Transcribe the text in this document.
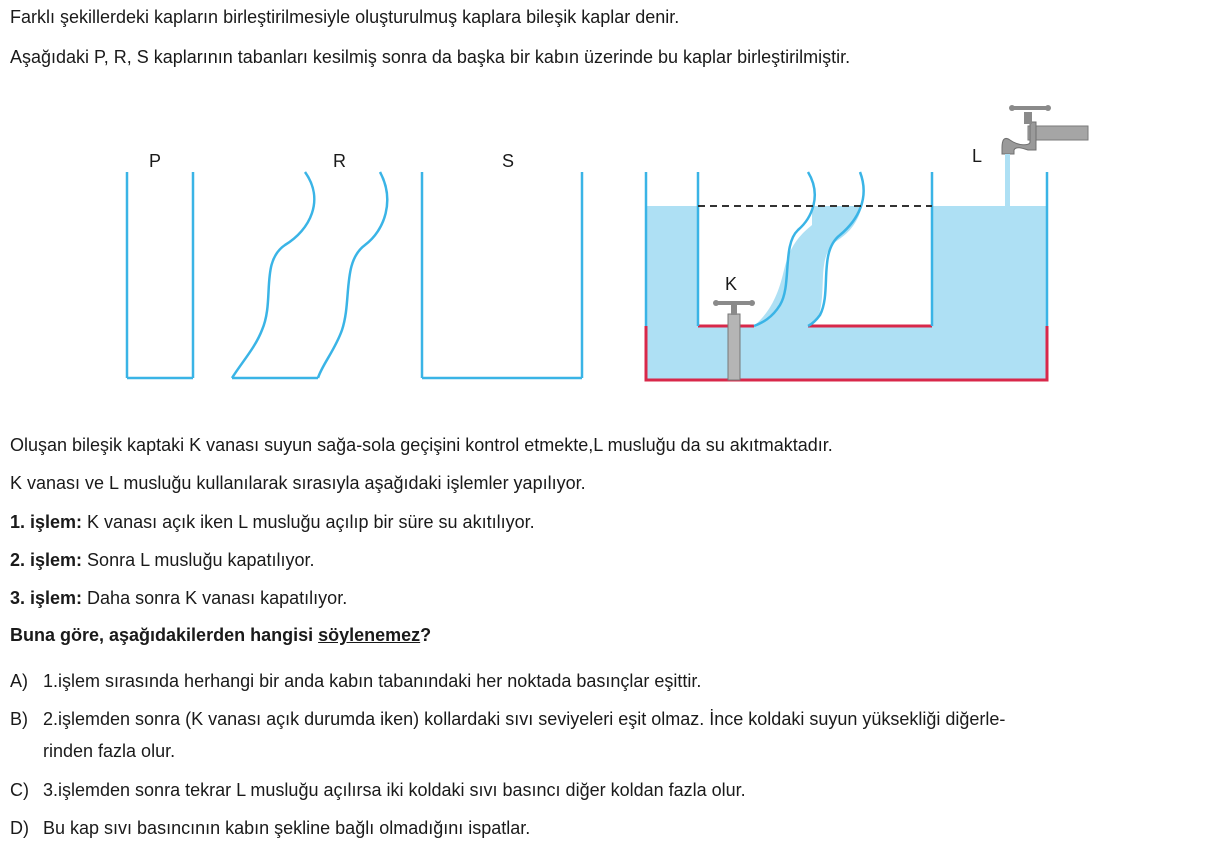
Farklı şekillerdeki kapların birleştirilmesiyle oluşturulmuş kaplara bileşik kaplar denir.
Aşağıdaki P, R, S kaplarının tabanları kesilmiş sonra da başka bir kabın üzerinde bu kaplar birleştirilmiştir.
P	R	S
K
L
Oluşan bileşik kaptaki K vanası suyun sağa-sola geçişini kontrol etmekte,L musluğu da su akıtmaktadır.
K vanası ve L musluğu kullanılarak sırasıyla aşağıdaki işlemler yapılıyor.
1. işlem: K vanası açık iken L musluğu açılıp bir süre su akıtılıyor.
2. işlem: Sonra L musluğu kapatılıyor.
3. işlem: Daha sonra K vanası kapatılıyor.
Buna göre, aşağıdakilerden hangisi söylenemez?
A) 1.işlem sırasında herhangi bir anda kabın tabanındaki her noktada basınçlar eşittir.
B) 2.işlemden sonra (K vanası açık durumda iken) kollardaki sıvı seviyeleri eşit olmaz. İnce koldaki suyun yüksekliği diğerle-
rinden fazla olur.
C) 3.işlemden sonra tekrar L musluğu açılırsa iki koldaki sıvı basıncı diğer koldan fazla olur.
D) Bu kap sıvı basıncının kabın şekline bağlı olmadığını ispatlar.
